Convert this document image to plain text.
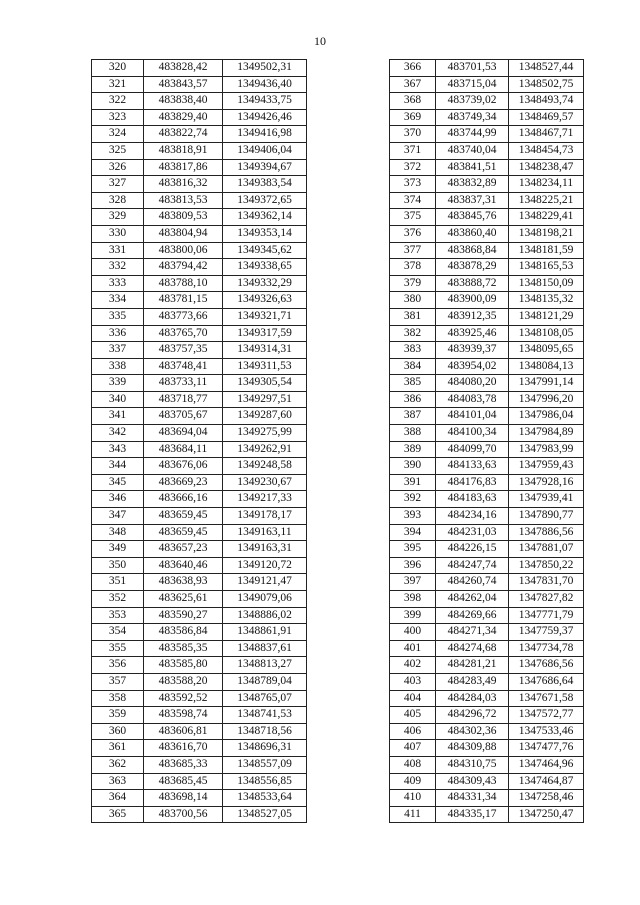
10
320	483828,42	1349502,31
321	483843,57	1349436,40
322	483838,40	1349433,75
323	483829,40	1349426,46
324	483822,74	1349416,98
325	483818,91	1349406,04
326	483817,86	1349394,67
327	483816,32	1349383,54
328	483813,53	1349372,65
329	483809,53	1349362,14
330	483804,94	1349353,14
331	483800,06	1349345,62
332	483794,42	1349338,65
333	483788,10	1349332,29
334	483781,15	1349326,63
335	483773,66	1349321,71
336	483765,70	1349317,59
337	483757,35	1349314,31
338	483748,41	1349311,53
339	483733,11	1349305,54
340	483718,77	1349297,51
341	483705,67	1349287,60
342	483694,04	1349275,99
343	483684,11	1349262,91
344	483676,06	1349248,58
345	483669,23	1349230,67
346	483666,16	1349217,33
347	483659,45	1349178,17
348	483659,45	1349163,11
349	483657,23	1349163,31
350	483640,46	1349120,72
351	483638,93	1349121,47
352	483625,61	1349079,06
353	483590,27	1348886,02
354	483586,84	1348861,91
355	483585,35	1348837,61
356	483585,80	1348813,27
357	483588,20	1348789,04
358	483592,52	1348765,07
359	483598,74	1348741,53
360	483606,81	1348718,56
361	483616,70	1348696,31
362	483685,33	1348557,09
363	483685,45	1348556,85
364	483698,14	1348533,64
365	483700,56	1348527,05
366	483701,53	1348527,44
367	483715,04	1348502,75
368	483739,02	1348493,74
369	483749,34	1348469,57
370	483744,99	1348467,71
371	483740,04	1348454,73
372	483841,51	1348238,47
373	483832,89	1348234,11
374	483837,31	1348225,21
375	483845,76	1348229,41
376	483860,40	1348198,21
377	483868,84	1348181,59
378	483878,29	1348165,53
379	483888,72	1348150,09
380	483900,09	1348135,32
381	483912,35	1348121,29
382	483925,46	1348108,05
383	483939,37	1348095,65
384	483954,02	1348084,13
385	484080,20	1347991,14
386	484083,78	1347996,20
387	484101,04	1347986,04
388	484100,34	1347984,89
389	484099,70	1347983,99
390	484133,63	1347959,43
391	484176,83	1347928,16
392	484183,63	1347939,41
393	484234,16	1347890,77
394	484231,03	1347886,56
395	484226,15	1347881,07
396	484247,74	1347850,22
397	484260,74	1347831,70
398	484262,04	1347827,82
399	484269,66	1347771,79
400	484271,34	1347759,37
401	484274,68	1347734,78
402	484281,21	1347686,56
403	484283,49	1347686,64
404	484284,03	1347671,58
405	484296,72	1347572,77
406	484302,36	1347533,46
407	484309,88	1347477,76
408	484310,75	1347464,96
409	484309,43	1347464,87
410	484331,34	1347258,46
411	484335,17	1347250,47
